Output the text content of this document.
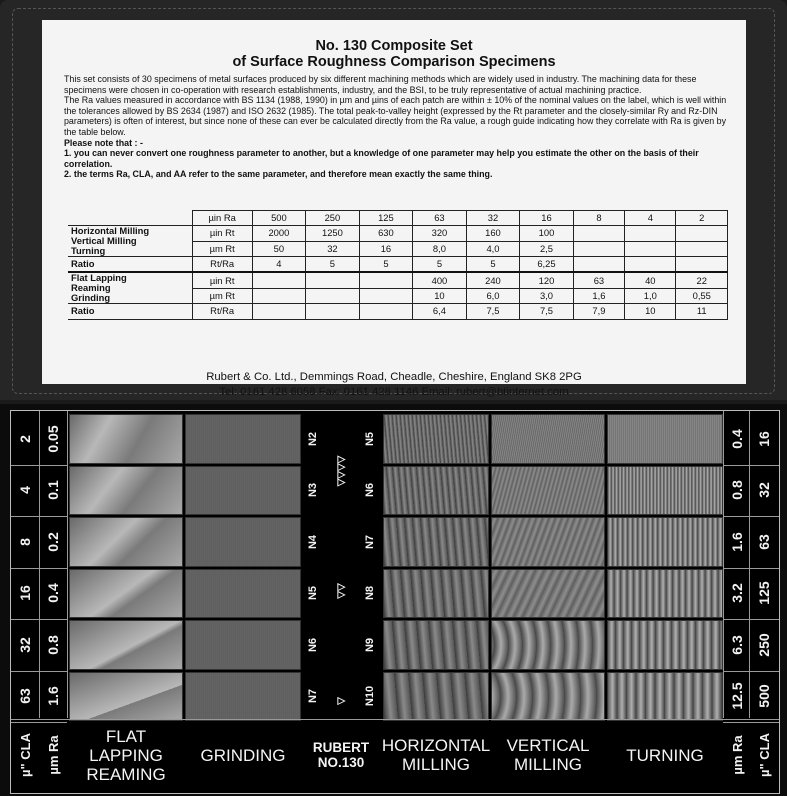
No. 130 Composite Set
of Surface Roughness Comparison Specimens

This set consists of 30 specimens of metal surfaces produced by six different machining methods which are widely used in industry. The machining data for these specimens were chosen in co-operation with research establishments, industry, and the BSI, to be truly representative of actual machining practice.

The Ra values measured in accordance with BS 1134 (1988, 1990) in µm and µins of each patch are within ± 10% of the nominal values on the label, which is well within the tolerances allowed by BS 2634 (1987) and ISO 2632 (1985). The total peak-to-valley height (expressed by the Rt parameter and the closely-similar Ry and Rz-DIN parameters) is often of interest, but since none of these can ever be calculated directly from the Ra value, a rough guide indicating how they correlate with Ra is given by the table below.

Please note that : -

1. you can never convert one roughness parameter to another, but a knowledge of one parameter may help you estimate the other on the basis of their correlation.

2. the terms Ra, CLA, and AA refer to the same parameter, and therefore mean exactly the same thing.

	µin Ra	500	250	125	63	32	16	8	4	2

Horizontal Milling
Vertical Milling
Turning	µin Rt	2000	1250	630	320	160	100			
	µm Rt	50	32	16	8,0	4,0	2,5			
Ratio	Rt/Ra	4	5	5	5	5	6,25			

Flat Lapping
Reaming
Grinding	µin Rt				400	240	120	63	40	22
	µm Rt				10	6,0	3,0	1,6	1,0	0,55
Ratio	Rt/Ra				6,4	7,5	7,5	7,9	10	11
Rubert & Co. Ltd., Demmings Road, Cheadle, Cheshire, England SK8 2PG
Tel: 0161 428 6058 Fax: 0161 428 1146 Email: rubert@btinternet.com
2 0.05	N2	N5	0.4 16
4 0.1	N3	N6	0.8 32
8 0.2	N4	N7	1.6 63
16 0.4	N5	N8	3.2 125
32 0.8	N6	N9	6.3 250
63 1.6	N7	N10	12.5 500
▽▽▽▽
▽▽
▽
µ" CLA	µm Ra	µm Ra µ" CLA
FLAT LAPPING
REAMING
GRINDING	RUBERT
NO.130
HORIZONTAL
MILLING
VERTICAL
MILLING	TURNING
